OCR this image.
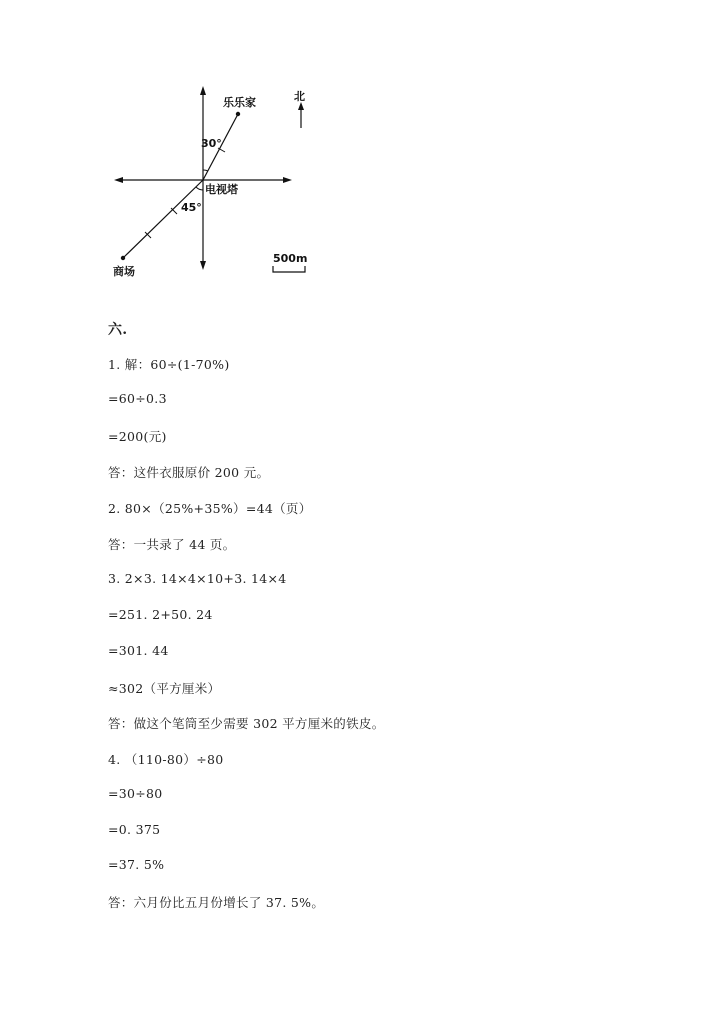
北
乐乐家
30°
电视塔
45°
商场
500m
六.
1. 解：60÷(1-70%)
=60÷0.3
=200(元)
答：这件衣服原价 200 元。
2. 80×（25%+35%）=44（页）
答：一共录了 44 页。
3. 2×3. 14×4×10+3. 14×4
=251. 2+50. 24
=301. 44
≈302（平方厘米）
答：做这个笔筒至少需要 302 平方厘米的铁皮。
4. （110-80）÷80
=30÷80
=0. 375
=37. 5%
答：六月份比五月份增长了 37. 5%。
